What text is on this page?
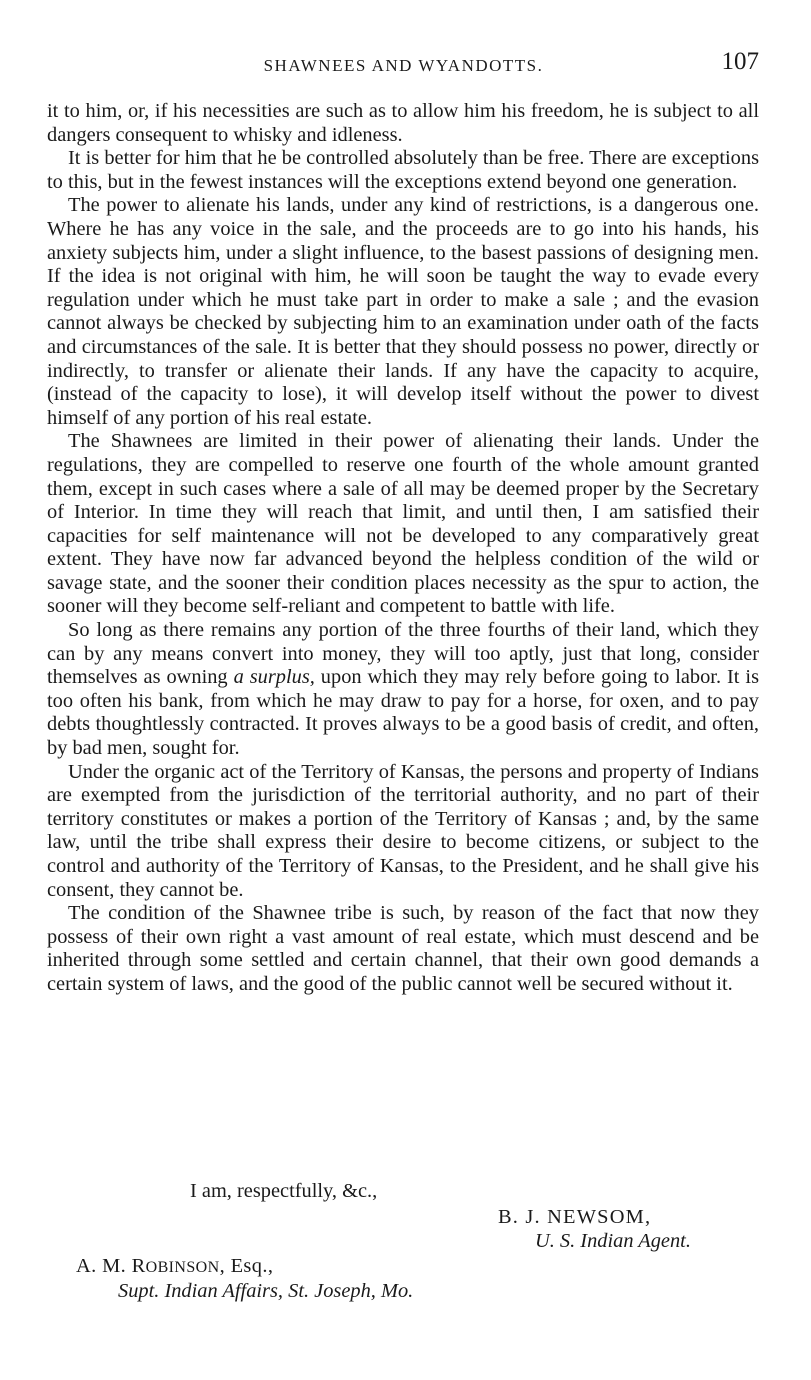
SHAWNEES AND WYANDOTTS.	107

it to him, or, if his necessities are such as to allow him his freedom, he is subject to all dangers consequent to whisky and idleness.

It is better for him that he be controlled absolutely than be free. There are exceptions to this, but in the fewest instances will the exceptions extend beyond one generation.

The power to alienate his lands, under any kind of restrictions, is a dangerous one. Where he has any voice in the sale, and the proceeds are to go into his hands, his anxiety subjects him, under a slight influence, to the basest passions of designing men. If the idea is not original with him, he will soon be taught the way to evade every regulation under which he must take part in order to make a sale ; and the evasion cannot always be checked by subjecting him to an examination under oath of the facts and circumstances of the sale. It is better that they should possess no power, directly or indirectly, to transfer or alienate their lands. If any have the capacity to acquire, (instead of the capacity to lose), it will develop itself without the power to divest himself of any portion of his real estate.

The Shawnees are limited in their power of alienating their lands. Under the regulations, they are compelled to reserve one fourth of the whole amount granted them, except in such cases where a sale of all may be deemed proper by the Secretary of Interior. In time they will reach that limit, and until then, I am satisfied their capacities for self maintenance will not be developed to any comparatively great extent. They have now far advanced beyond the helpless condition of the wild or savage state, and the sooner their condition places necessity as the spur to action, the sooner will they become self-reliant and competent to battle with life.

So long as there remains any portion of the three fourths of their land, which they can by any means convert into money, they will too aptly, just that long, consider themselves as owning a surplus, upon which they may rely before going to labor. It is too often his bank, from which he may draw to pay for a horse, for oxen, and to pay debts thoughtlessly contracted. It proves always to be a good basis of credit, and often, by bad men, sought for.

Under the organic act of the Territory of Kansas, the persons and property of Indians are exempted from the jurisdiction of the territorial authority, and no part of their territory constitutes or makes a portion of the Territory of Kansas ; and, by the same law, until the tribe shall express their desire to become citizens, or subject to the control and authority of the Territory of Kansas, to the President, and he shall give his consent, they cannot be.

The condition of the Shawnee tribe is such, by reason of the fact that now they possess of their own right a vast amount of real estate, which must descend and be inherited through some settled and certain channel, that their own good demands a certain system of laws, and the good of the public cannot well be secured without it.

I am, respectfully, &c.,
B. J. NEWSOM,
U. S. Indian Agent.
A. M. ROBINSON, Esq.,
Supt. Indian Affairs, St. Joseph, Mo.
